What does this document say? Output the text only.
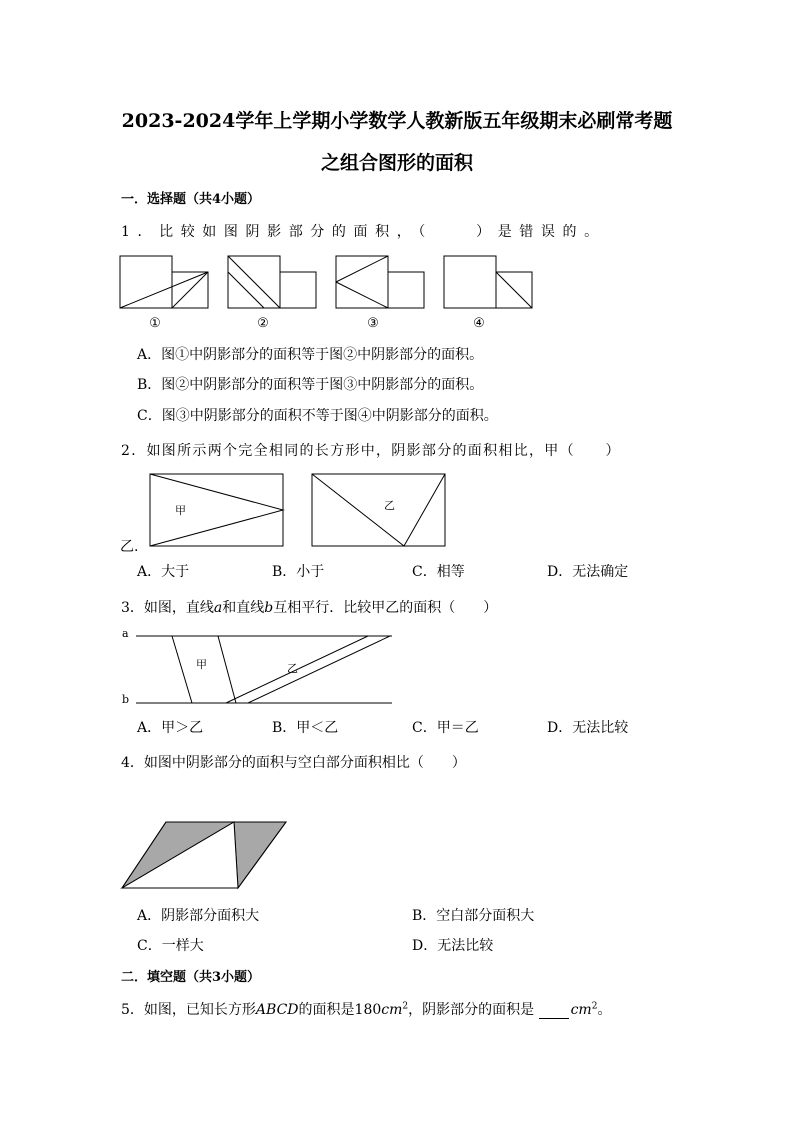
2023-2024学年上学期小学数学人教新版五年级期末必刷常考题
之组合图形的面积
一．选择题（共4小题）
1．比较如图阴影部分的面积，（　　）是错误的。
①	②	③	④
A．图①中阴影部分的面积等于图②中阴影部分的面积。
B．图②中阴影部分的面积等于图③中阴影部分的面积。
C．图③中阴影部分的面积不等于图④中阴影部分的面积。
2．如图所示两个完全相同的长方形中，阴影部分的面积相比，甲（　　）
甲	乙
乙.
A．大于	B．小于	C．相等	D．无法确定
3．如图，直线a和直线b互相平行．比较甲乙的面积（　　）
a
b
甲	乙
A．甲＞乙	B．甲＜乙	C．甲＝乙	D．无法比较
4．如图中阴影部分的面积与空白部分面积相比（　　）
A．阴影部分面积大	B．空白部分面积大
C．一样大	D．无法比较
二．填空题（共3小题）
5．如图，已知长方形ABCD的面积是$180cm^2$，阴影部分的面积是	$cm^2$。
